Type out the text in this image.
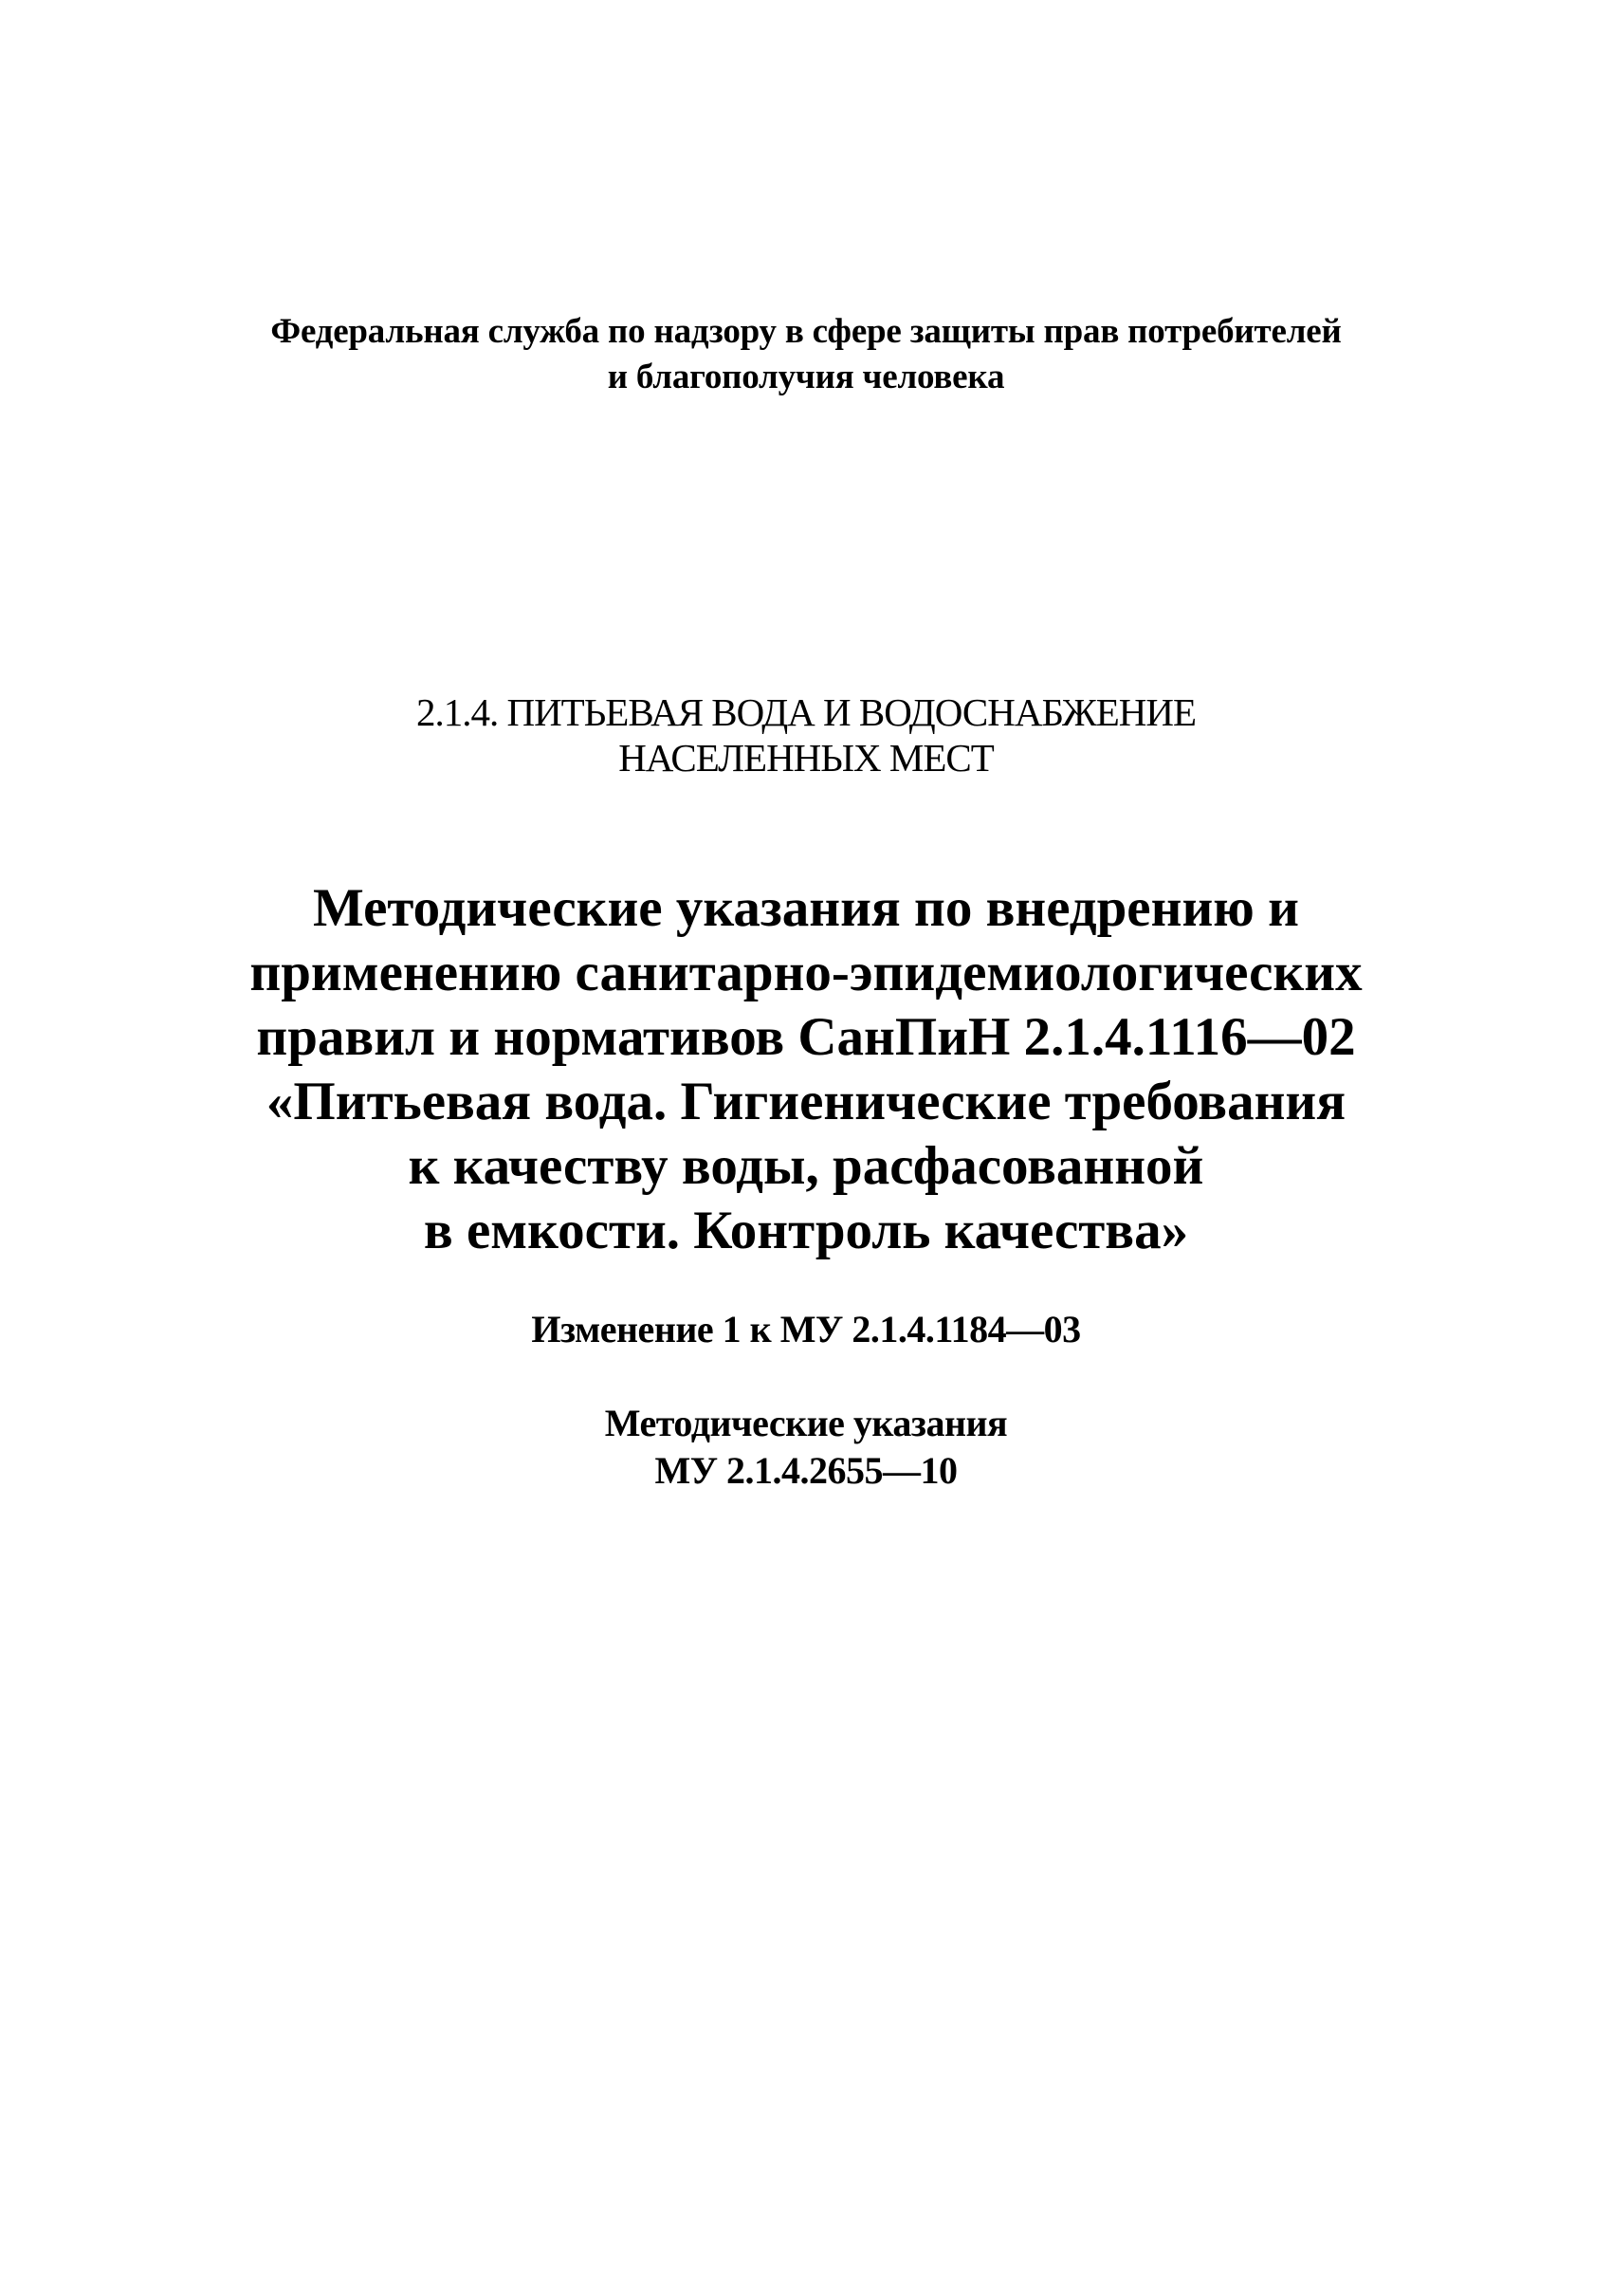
Федеральная служба по надзору в сфере защиты прав потребителей
и благополучия человека
2.1.4. ПИТЬЕВАЯ ВОДА И ВОДОСНАБЖЕНИЕ
НАСЕЛЕННЫХ МЕСТ
Методические указания по внедрению и
применению санитарно-эпидемиологических
правил и нормативов СанПиН 2.1.4.1116—02
«Питьевая вода. Гигиенические требования
к качеству воды, расфасованной
в емкости. Контроль качества»
Изменение 1 к МУ 2.1.4.1184—03
Методические указания
МУ 2.1.4.2655—10
